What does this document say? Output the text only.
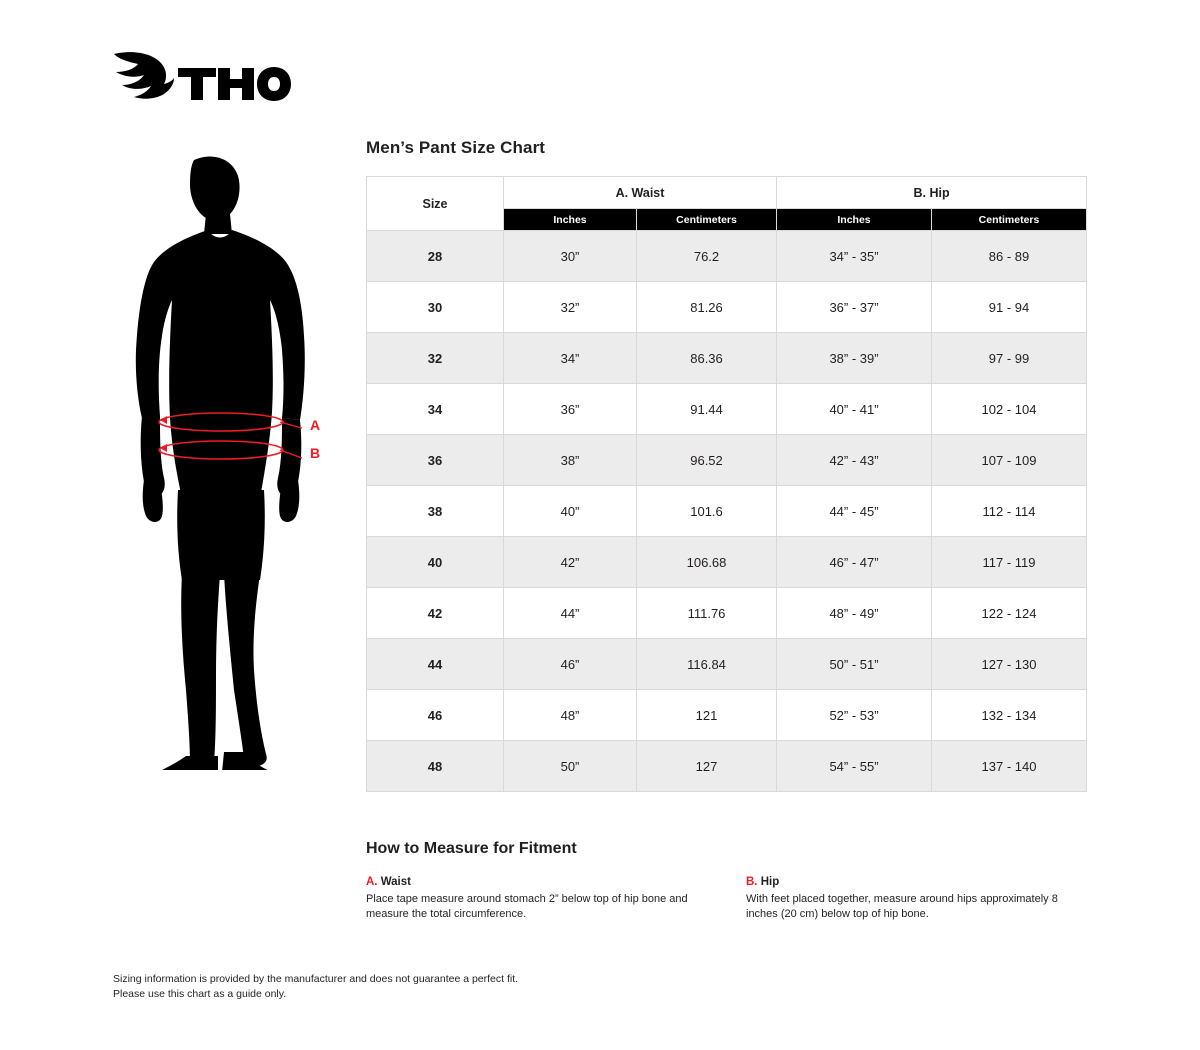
A
B
Men’s Pant Size Chart
Size	A. Waist		B. Hip	
	Inches	Centimeters	Inches	Centimeters
28	30”	76.2	34” - 35”	86 - 89
30	32”	81.26	36” - 37”	91 - 94
32	34”	86.36	38” - 39”	97 - 99
34	36”	91.44	40” - 41”	102 - 104
36	38”	96.52	42” - 43”	107 - 109
38	40”	101.6	44” - 45”	112 - 114
40	42”	106.68	46” - 47”	117 - 119
42	44”	111.76	48” - 49”	122 - 124
44	46”	116.84	50” - 51”	127 - 130
46	48”	121	52” - 53”	132 - 134
48	50”	127	54” - 55”	137 - 140
How to Measure for Fitment
A. Waist
Place tape measure around stomach 2” below top of hip bone and measure the total circumference.
B. Hip
With feet placed together, measure around hips approximately 8 inches (20 cm) below top of hip bone.
Sizing information is provided by the manufacturer and does not guarantee a perfect fit.
Please use this chart as a guide only.
